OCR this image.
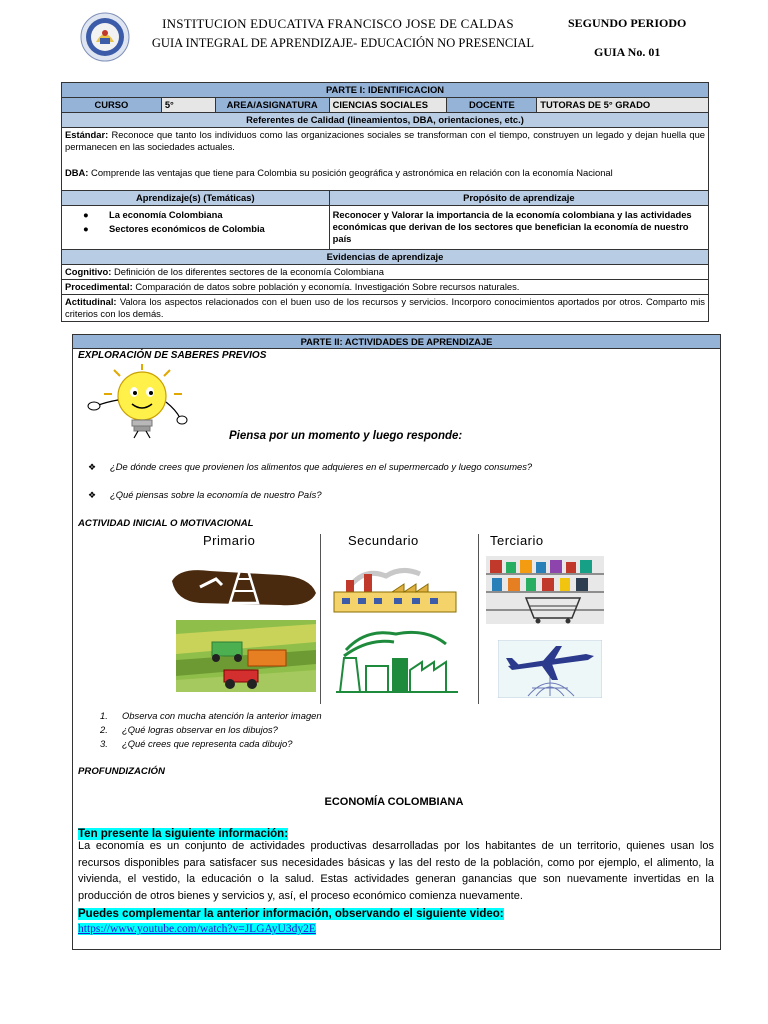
INSTITUCION EDUCATIVA FRANCISCO JOSE DE CALDAS
GUIA INTEGRAL DE APRENDIZAJE- EDUCACIÓN NO PRESENCIAL
SEGUNDO PERIODO
GUIA No. 01
PARTE I: IDENTIFICACION					
CURSO	5°	AREA/ASIGNATURA	CIENCIAS SOCIALES	DOCENTE	TUTORAS DE 5° GRADO
Referentes de Calidad (lineamientos, DBA, orientaciones, etc.)					
Estándar: Reconoce que tanto los individuos como las organizaciones sociales se transforman con el tiempo, construyen un legado y dejan huella que permanecen en las sociedades actuales.
DBA: Comprende las ventajas que tiene para Colombia su posición geográfica y astronómica en relación con la economía Nacional					
Aprendizaje(s) (Temáticas)			Propósito de aprendizaje		

● La economía Colombiana
● Sectores económicos de Colombia			Reconocer y Valorar la importancia de la economía colombiana y las actividades económicas que derivan de los sectores que benefician la economía de nuestro país		
Evidencias de aprendizaje					
Cognitivo: Definición de los diferentes sectores de la economía Colombiana					
Procedimental: Comparación de datos sobre población y economía. Investigación Sobre recursos naturales.					
Actitudinal: Valora los aspectos relacionados con el buen uso de los recursos y servicios. Incorporo conocimientos aportados por otros. Comparto mis criterios con los demás.					
PARTE II: ACTIVIDADES DE APRENDIZAJE
EXPLORACIÓN DE SABERES PREVIOS
Piensa por un momento y luego responde:
❖ ¿De dónde crees que provienen los alimentos que adquieres en el supermercado y luego consumes?
❖ ¿Qué piensas sobre la economía de nuestro País?
ACTIVIDAD INICIAL O MOTIVACIONAL
Primario	Secundario	Terciario
1. Observa con mucha atención la anterior imagen
2. ¿Qué logras observar en los dibujos?
3. ¿Qué crees que representa cada dibujo?
PROFUNDIZACIÓN
ECONOMÍA COLOMBIANA
Ten presente la siguiente información:
La economía es un conjunto de actividades productivas desarrolladas por los habitantes de un territorio, quienes usan los recursos disponibles para satisfacer sus necesidades básicas y las del resto de la población, como por ejemplo, el alimento, la vivienda, el vestido, la educación o la salud. Estas actividades generan ganancias que son nuevamente invertidas en la producción de otros bienes y servicios y, así, el proceso económico comienza nuevamente.
Puedes complementar la anterior información, observando el siguiente video:
https://www.youtube.com/watch?v=JLGAyU3dy2E
